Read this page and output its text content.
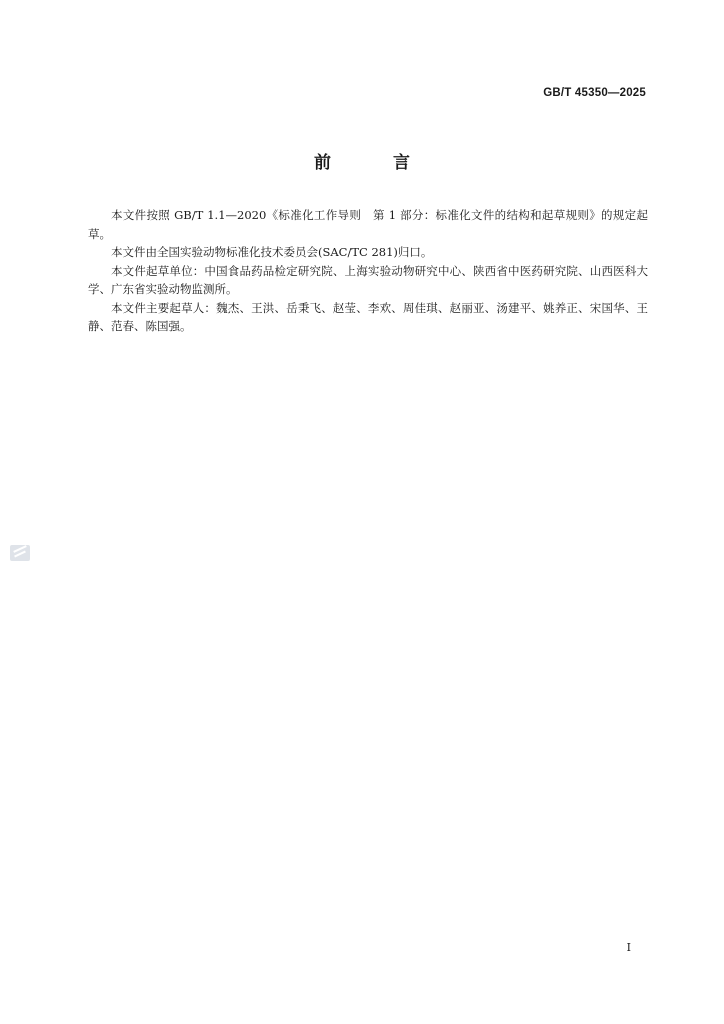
GB/T 45350—2025
前 言

本文件按照 GB/T 1.1—2020《标准化工作导则　第 1 部分：标准化文件的结构和起草规则》的规定起草。

本文件由全国实验动物标准化技术委员会(SAC/TC 281)归口。

本文件起草单位：中国食品药品检定研究院、上海实验动物研究中心、陕西省中医药研究院、山西医科大学、广东省实验动物监测所。

本文件主要起草人：魏杰、王洪、岳秉飞、赵莹、李欢、周佳琪、赵丽亚、汤建平、姚养正、宋国华、王静、范春、陈国强。

I
